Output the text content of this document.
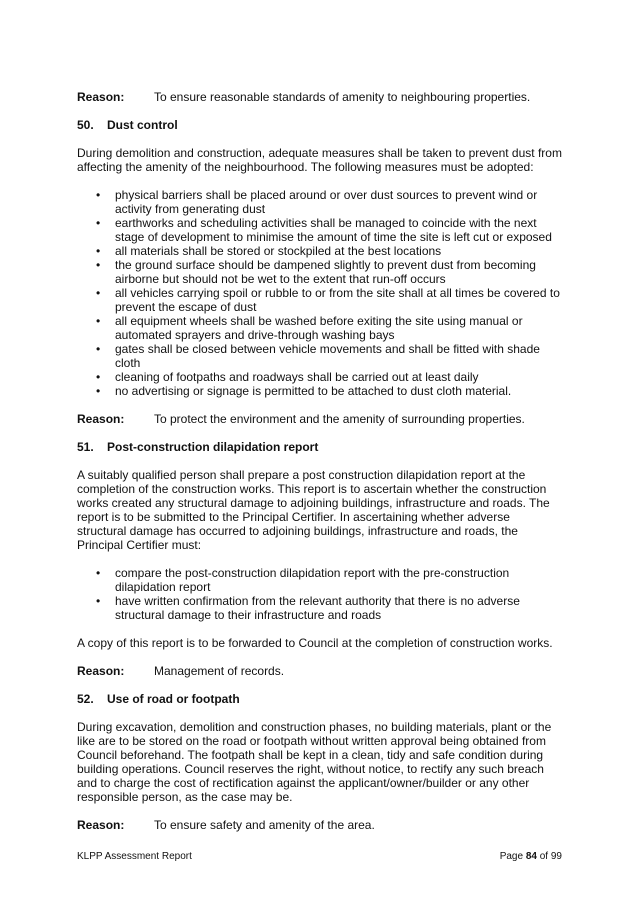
Reason:	To ensure reasonable standards of amenity to neighbouring properties.
50.	Dust control

During demolition and construction, adequate measures shall be taken to prevent dust from affecting the amenity of the neighbourhood. The following measures must be adopted:

• physical barriers shall be placed around or over dust sources to prevent wind or activity from generating dust
• earthworks and scheduling activities shall be managed to coincide with the next stage of development to minimise the amount of time the site is left cut or exposed
• all materials shall be stored or stockpiled at the best locations
• the ground surface should be dampened slightly to prevent dust from becoming airborne but should not be wet to the extent that run-off occurs
• all vehicles carrying spoil or rubble to or from the site shall at all times be covered to prevent the escape of dust
• all equipment wheels shall be washed before exiting the site using manual or automated sprayers and drive-through washing bays
• gates shall be closed between vehicle movements and shall be fitted with shade cloth
• cleaning of footpaths and roadways shall be carried out at least daily
• no advertising or signage is permitted to be attached to dust cloth material.
Reason:	To protect the environment and the amenity of surrounding properties.
51.	Post-construction dilapidation report

A suitably qualified person shall prepare a post construction dilapidation report at the completion of the construction works. This report is to ascertain whether the construction works created any structural damage to adjoining buildings, infrastructure and roads. The report is to be submitted to the Principal Certifier. In ascertaining whether adverse structural damage has occurred to adjoining buildings, infrastructure and roads, the Principal Certifier must:

• compare the post-construction dilapidation report with the pre-construction dilapidation report
• have written confirmation from the relevant authority that there is no adverse structural damage to their infrastructure and roads

A copy of this report is to be forwarded to Council at the completion of construction works.

Reason:	Management of records.
52.	Use of road or footpath

During excavation, demolition and construction phases, no building materials, plant or the like are to be stored on the road or footpath without written approval being obtained from Council beforehand. The footpath shall be kept in a clean, tidy and safe condition during building operations. Council reserves the right, without notice, to rectify any such breach and to charge the cost of rectification against the applicant/owner/builder or any other responsible person, as the case may be.

Reason:	To ensure safety and amenity of the area.
KLPP Assessment Report	Page 84 of 99
